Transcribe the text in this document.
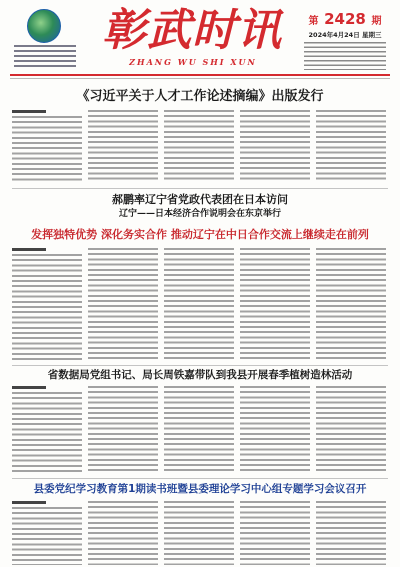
彰武时讯
ZHANG WU SHI XUN
第 2428 期
2024年4月24日 星期三
《习近平关于人才工作论述摘编》出版发行
郝鹏率辽宁省党政代表团在日本访问
辽宁——日本经济合作说明会在东京举行
发挥独特优势 深化务实合作 推动辽宁在中日合作交流上继续走在前列
省数据局党组书记、局长周铁嘉带队到我县开展春季植树造林活动
县委党纪学习教育第1期读书班暨县委理论学习中心组专题学习会议召开
